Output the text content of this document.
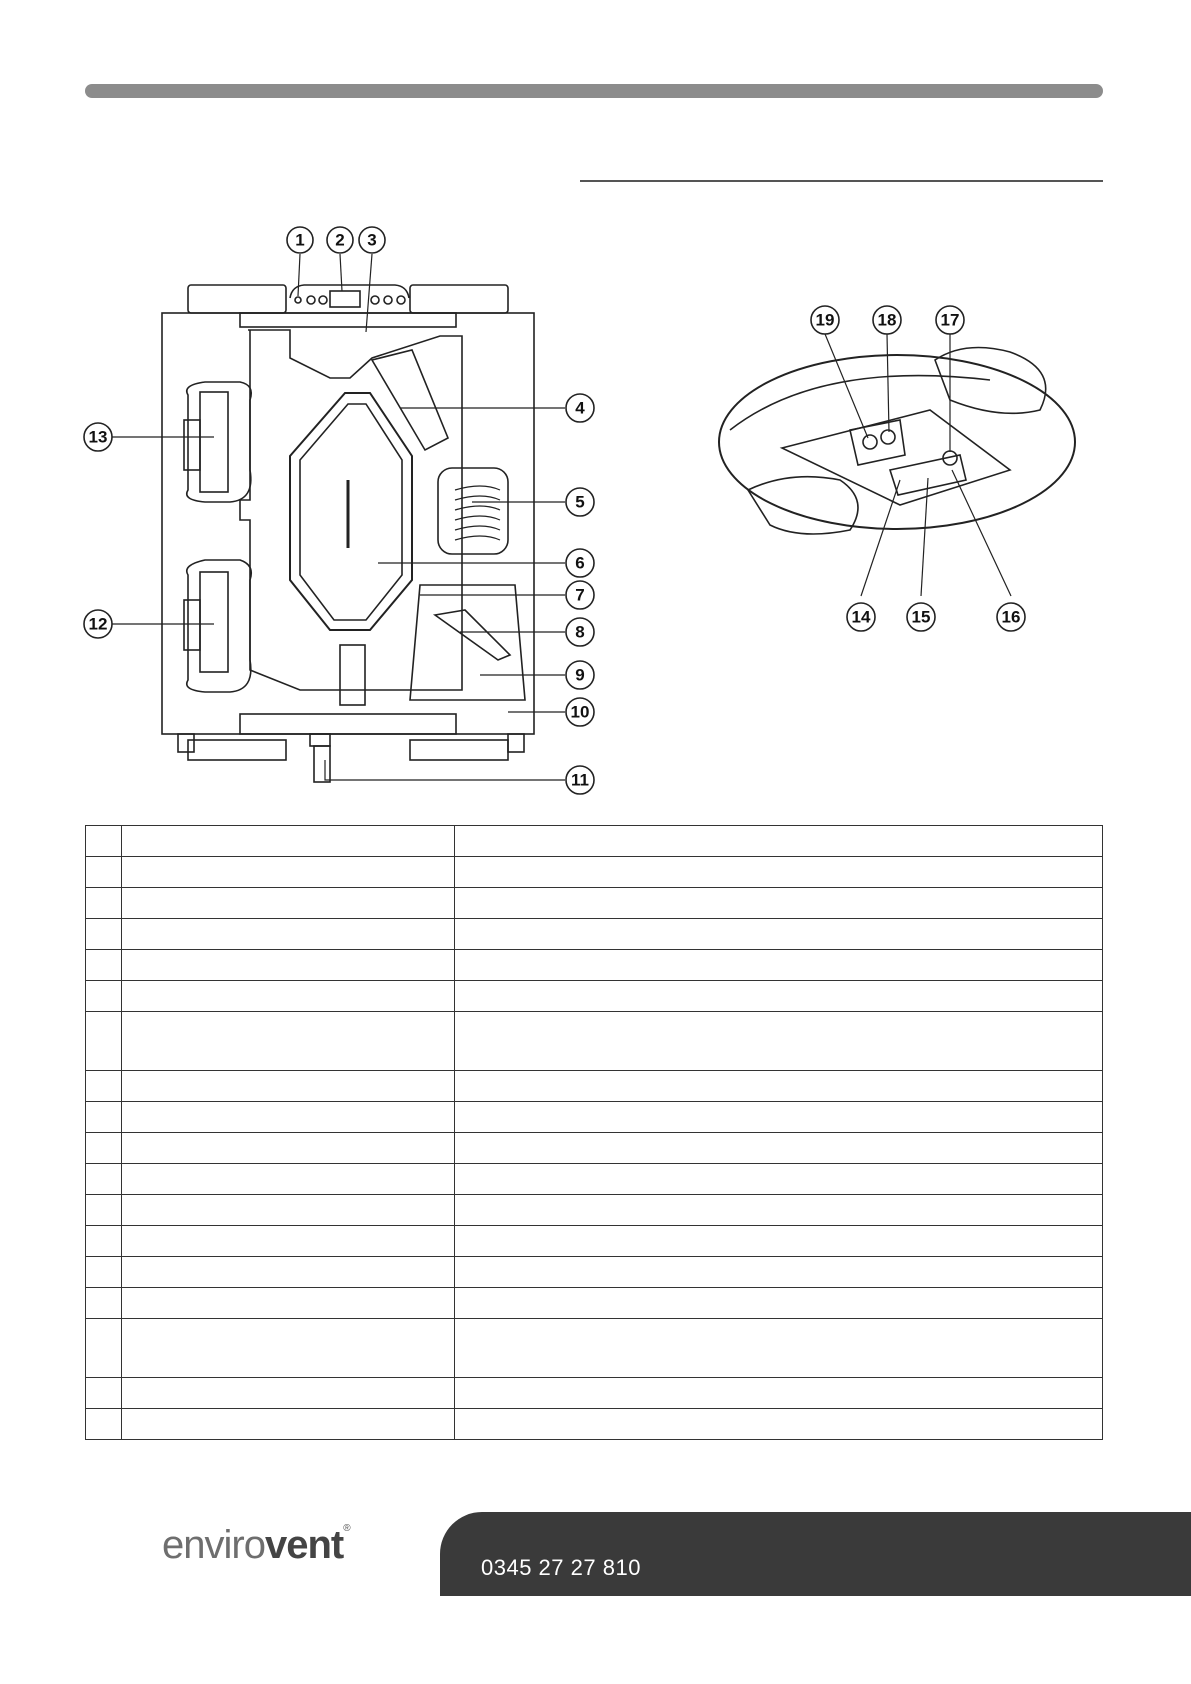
1 2 3
4
5
6
7
8
9
10
11
12
13
14 15	16
17
18
19

0345 27 27 810
envirovent®
